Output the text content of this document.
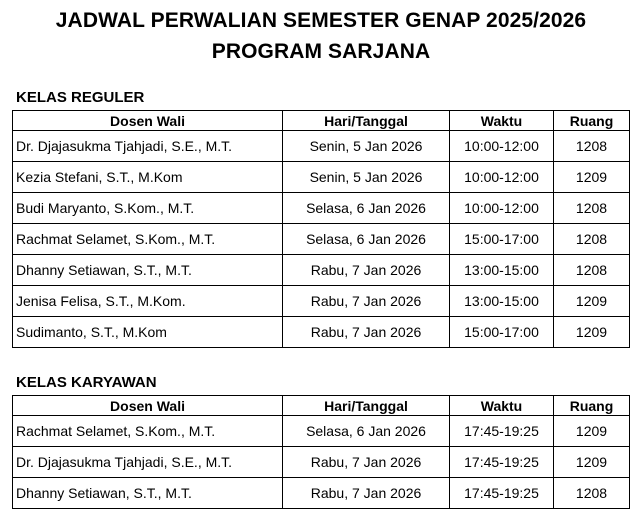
JADWAL PERWALIAN SEMESTER GENAP 2025/2026
PROGRAM SARJANA
KELAS REGULER
Dosen Wali	Hari/Tanggal	Waktu	Ruang
Dr. Djajasukma Tjahjadi, S.E., M.T.	Senin, 5 Jan 2026	10:00-12:00	1208
Kezia Stefani, S.T., M.Kom	Senin, 5 Jan 2026	10:00-12:00	1209
Budi Maryanto, S.Kom., M.T.	Selasa, 6 Jan 2026	10:00-12:00	1208
Rachmat Selamet, S.Kom., M.T.	Selasa, 6 Jan 2026	15:00-17:00	1208
Dhanny Setiawan, S.T., M.T.	Rabu, 7 Jan 2026	13:00-15:00	1208
Jenisa Felisa, S.T., M.Kom.	Rabu, 7 Jan 2026	13:00-15:00	1209
Sudimanto, S.T., M.Kom	Rabu, 7 Jan 2026	15:00-17:00	1209
KELAS KARYAWAN
Dosen Wali	Hari/Tanggal	Waktu	Ruang
Rachmat Selamet, S.Kom., M.T.	Selasa, 6 Jan 2026	17:45-19:25	1209
Dr. Djajasukma Tjahjadi, S.E., M.T.	Rabu, 7 Jan 2026	17:45-19:25	1209
Dhanny Setiawan, S.T., M.T.	Rabu, 7 Jan 2026	17:45-19:25	1208
